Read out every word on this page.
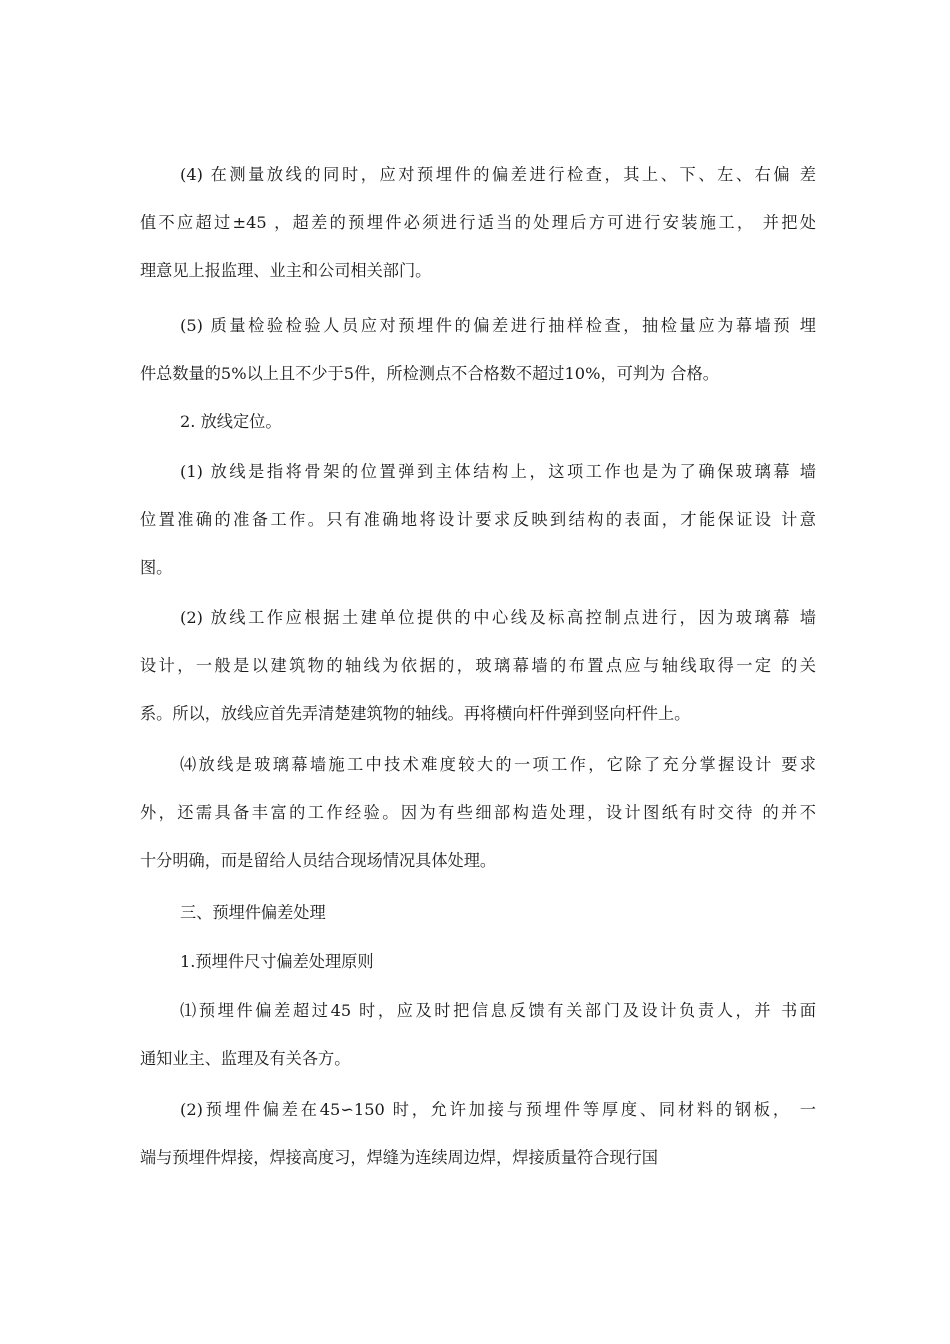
(4) 在测量放线的同时，应对预埋件的偏差进行检查，其上、下、左、右偏 差
值不应超过±45 ，超差的预埋件必须进行适当的处理后方可进行安装施工， 并把处
理意见上报监理、业主和公司相关部门。
(5) 质量检验检验人员应对预埋件的偏差进行抽样检查，抽检量应为幕墙预 埋
件总数量的5%以上且不少于5件，所检测点不合格数不超过10%，可判为 合格。
2. 放线定位。
(1) 放线是指将骨架的位置弹到主体结构上，这项工作也是为了确保玻璃幕 墙
位置准确的准备工作。只有准确地将设计要求反映到结构的表面，才能保证设 计意
图。
(2) 放线工作应根据土建单位提供的中心线及标高控制点进行，因为玻璃幕 墙
设计，一般是以建筑物的轴线为依据的，玻璃幕墙的布置点应与轴线取得一定 的关
系。所以，放线应首先弄清楚建筑物的轴线。再将横向杆件弹到竖向杆件上。
⑷放线是玻璃幕墙施工中技术难度较大的一项工作，它除了充分掌握设计 要求
外，还需具备丰富的工作经验。因为有些细部构造处理，设计图纸有时交待 的并不
十分明确，而是留给人员结合现场情况具体处理。
三、预埋件偏差处理
1.预埋件尺寸偏差处理原则
⑴预埋件偏差超过45 时，应及时把信息反馈有关部门及设计负责人，并 书面
通知业主、监理及有关各方。
(2)预埋件偏差在45∽150 时，允许加接与预埋件等厚度、同材料的钢板， 一
端与预埋件焊接，焊接高度习，焊缝为连续周边焊，焊接质量符合现行国
